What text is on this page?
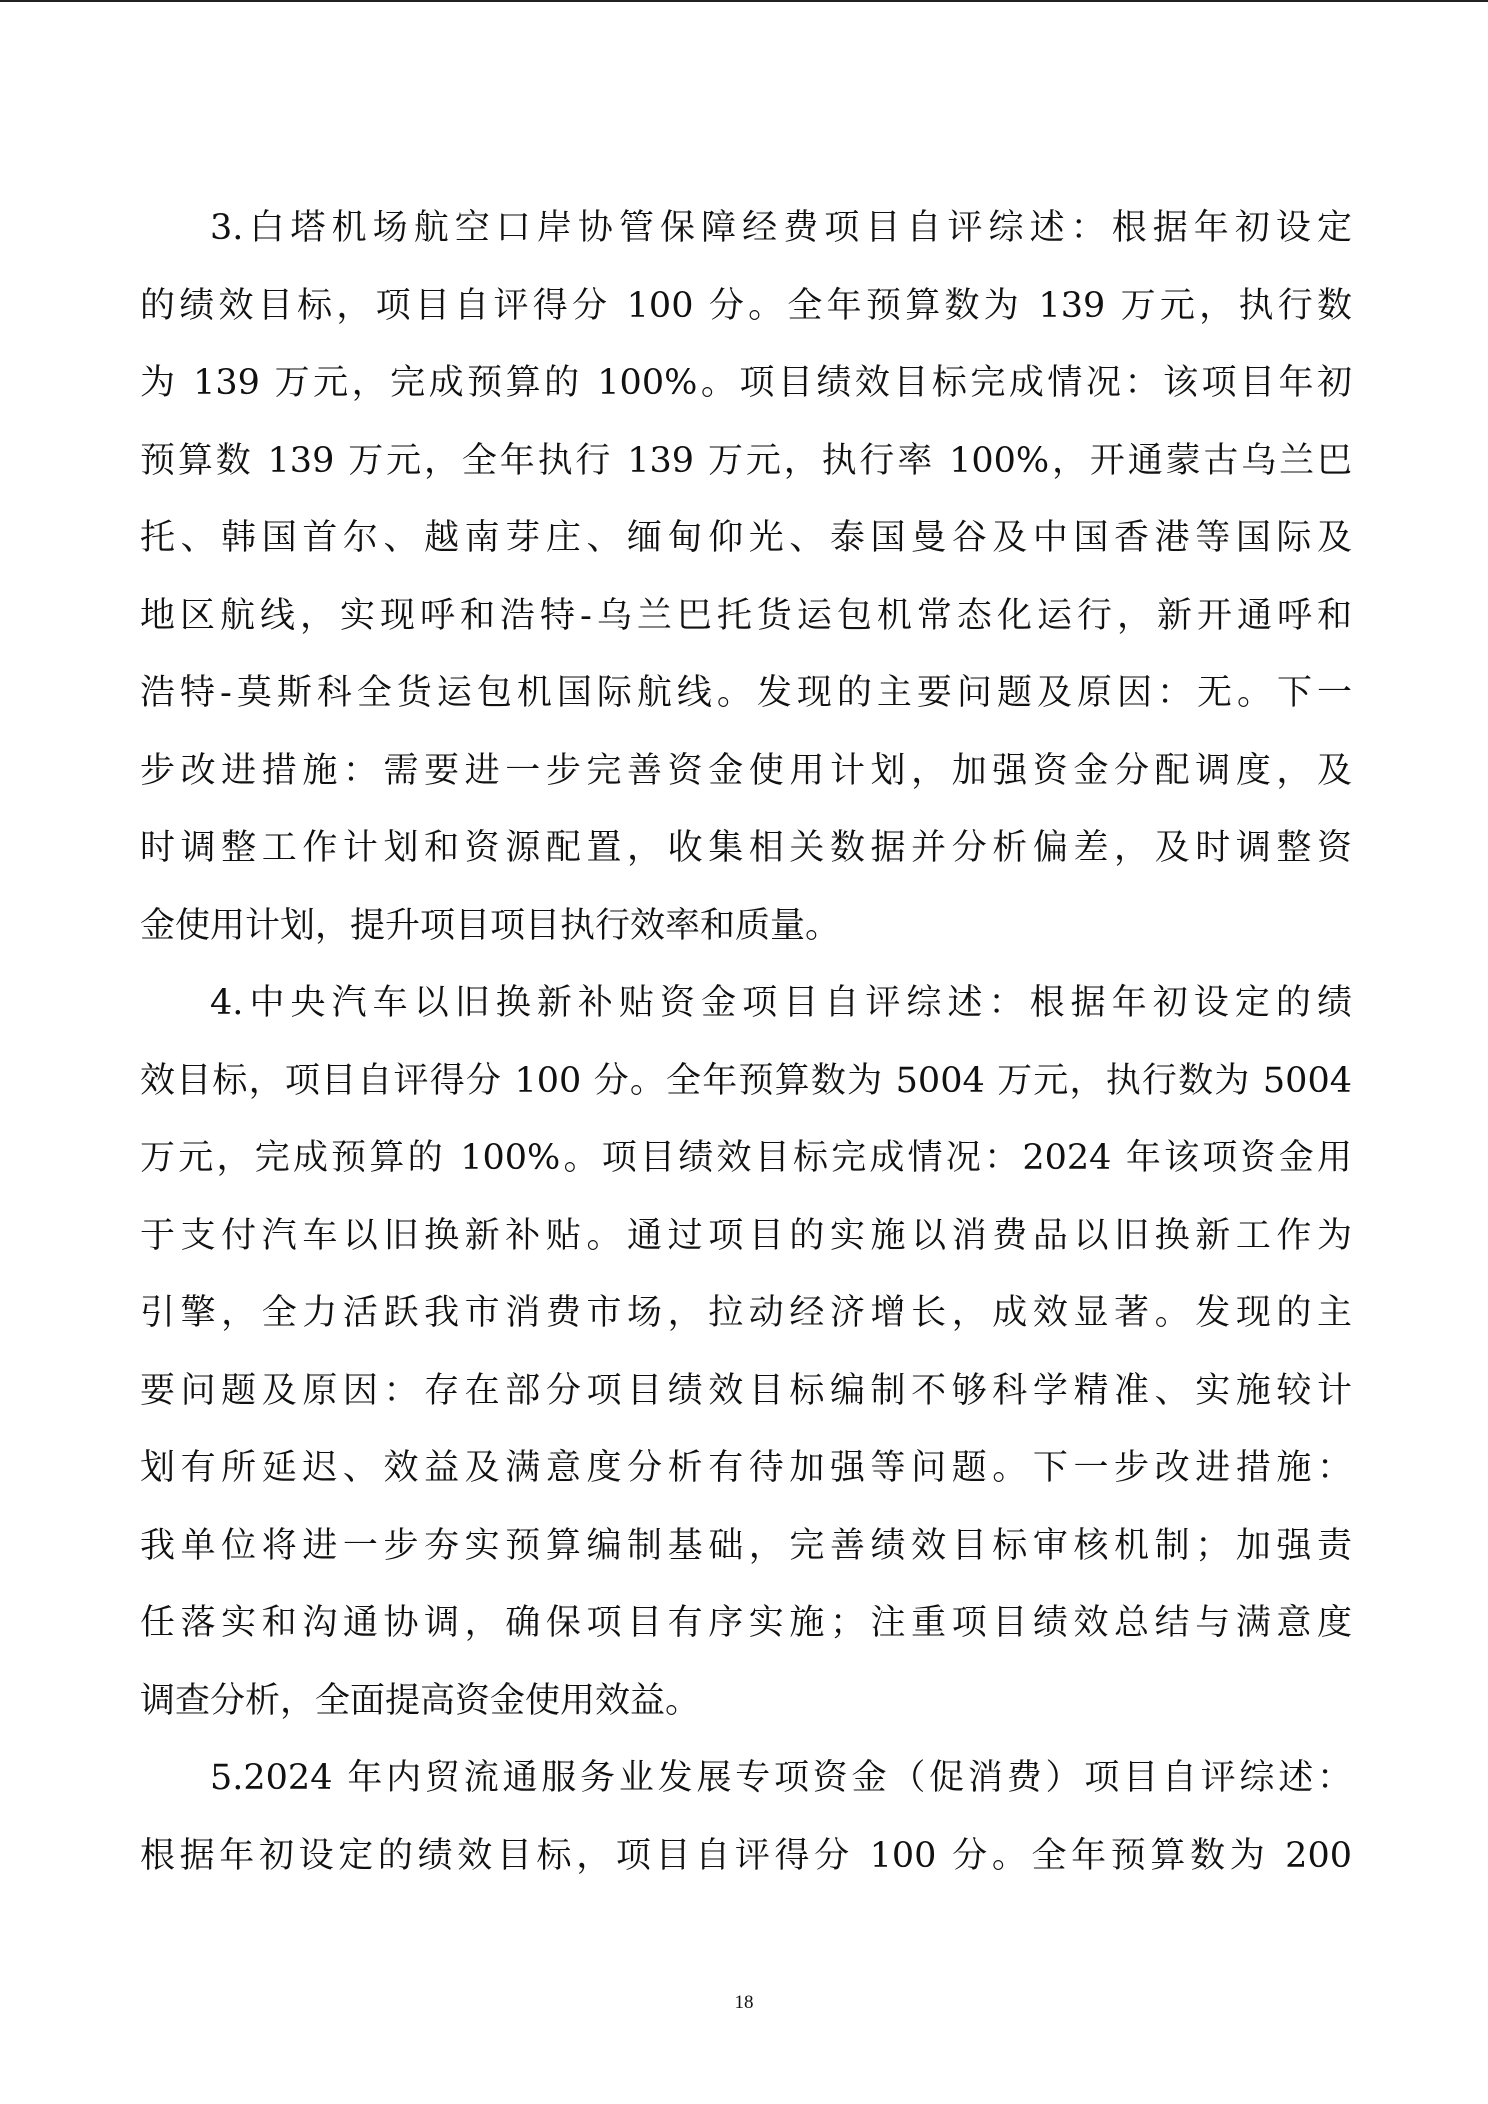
3.白塔机场航空口岸协管保障经费项目自评综述：根据年初设定
的绩效目标，项目自评得分 100 分。全年预算数为 139 万元，执行数
为 139 万元，完成预算的 100%。项目绩效目标完成情况：该项目年初
预算数 139 万元，全年执行 139 万元，执行率 100%，开通蒙古乌兰巴
托、韩国首尔、越南芽庄、缅甸仰光、泰国曼谷及中国香港等国际及
地区航线，实现呼和浩特-乌兰巴托货运包机常态化运行，新开通呼和
浩特-莫斯科全货运包机国际航线。发现的主要问题及原因：无。下一
步改进措施：需要进一步完善资金使用计划，加强资金分配调度，及
时调整工作计划和资源配置，收集相关数据并分析偏差，及时调整资
金使用计划，提升项目项目执行效率和质量。
4.中央汽车以旧换新补贴资金项目自评综述：根据年初设定的绩
效目标，项目自评得分 100 分。全年预算数为 5004 万元，执行数为 5004
万元，完成预算的 100%。项目绩效目标完成情况：2024 年该项资金用
于支付汽车以旧换新补贴。通过项目的实施以消费品以旧换新工作为
引擎，全力活跃我市消费市场，拉动经济增长，成效显著。发现的主
要问题及原因：存在部分项目绩效目标编制不够科学精准、实施较计
划有所延迟、效益及满意度分析有待加强等问题。下一步改进措施：
我单位将进一步夯实预算编制基础，完善绩效目标审核机制；加强责
任落实和沟通协调，确保项目有序实施；注重项目绩效总结与满意度
调查分析，全面提高资金使用效益。
5.2024 年内贸流通服务业发展专项资金（促消费）项目自评综述：
根据年初设定的绩效目标，项目自评得分 100 分。全年预算数为 200
18
